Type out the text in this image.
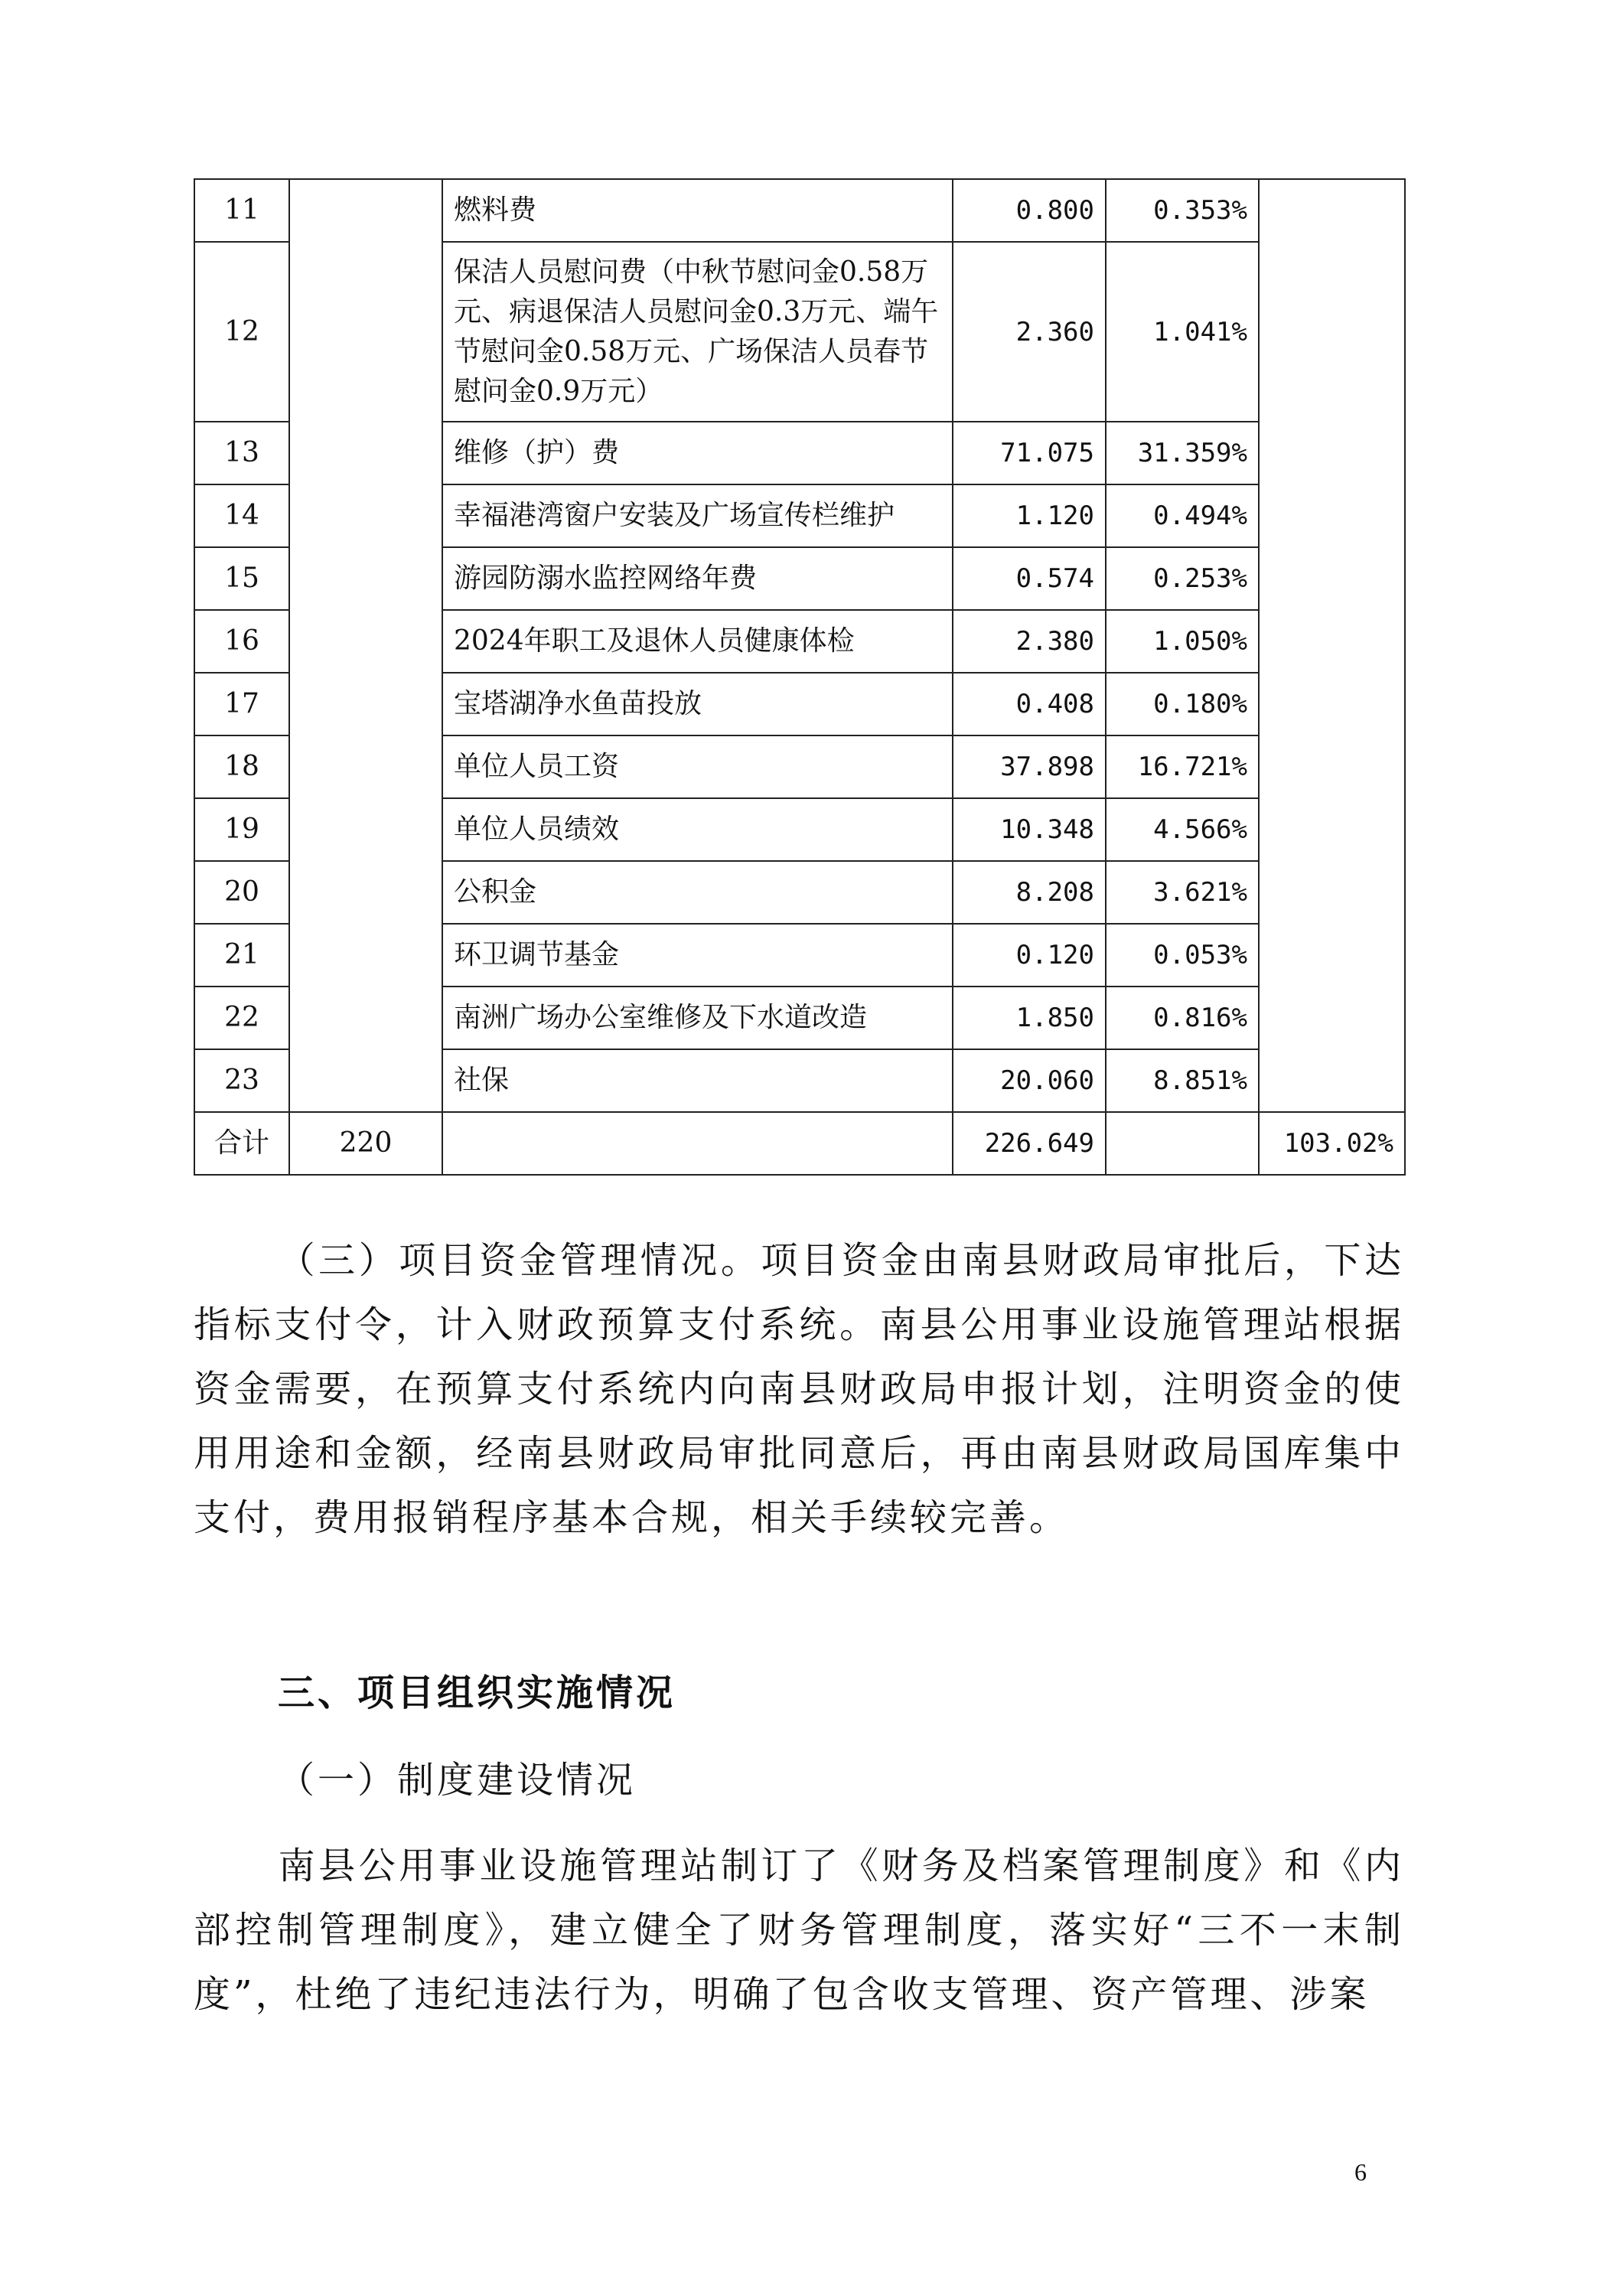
11		燃料费	0.800	0.353%	
12		保洁人员慰问费（中秋节慰问金0.58万元、病退保洁人员慰问金0.3万元、端午节慰问金0.58万元、广场保洁人员春节慰问金0.9万元）	2.360	1.041%	
13		维修（护）费	71.075	31.359%	
14		幸福港湾窗户安装及广场宣传栏维护	1.120	0.494%	
15		游园防溺水监控网络年费	0.574	0.253%	
16		2024年职工及退休人员健康体检	2.380	1.050%	
17		宝塔湖净水鱼苗投放	0.408	0.180%	
18		单位人员工资	37.898	16.721%	
19		单位人员绩效	10.348	4.566%	
20		公积金	8.208	3.621%	
21		环卫调节基金	0.120	0.053%	
22		南洲广场办公室维修及下水道改造	1.850	0.816%	
23		社保	20.060	8.851%	
合计	220		226.649		103.02%

（三）项目资金管理情况。项目资金由南县财政局审批后，下达指标支付令，计入财政预算支付系统。南县公用事业设施管理站根据资金需要，在预算支付系统内向南县财政局申报计划，注明资金的使用用途和金额，经南县财政局审批同意后，再由南县财政局国库集中支付，费用报销程序基本合规，相关手续较完善。

三、项目组织实施情况

（一）制度建设情况

南县公用事业设施管理站制订了《财务及档案管理制度》和《内部控制管理制度》，建立健全了财务管理制度，落实好“三不一末制度”，杜绝了违纪违法行为，明确了包含收支管理、资产管理、涉案

6
